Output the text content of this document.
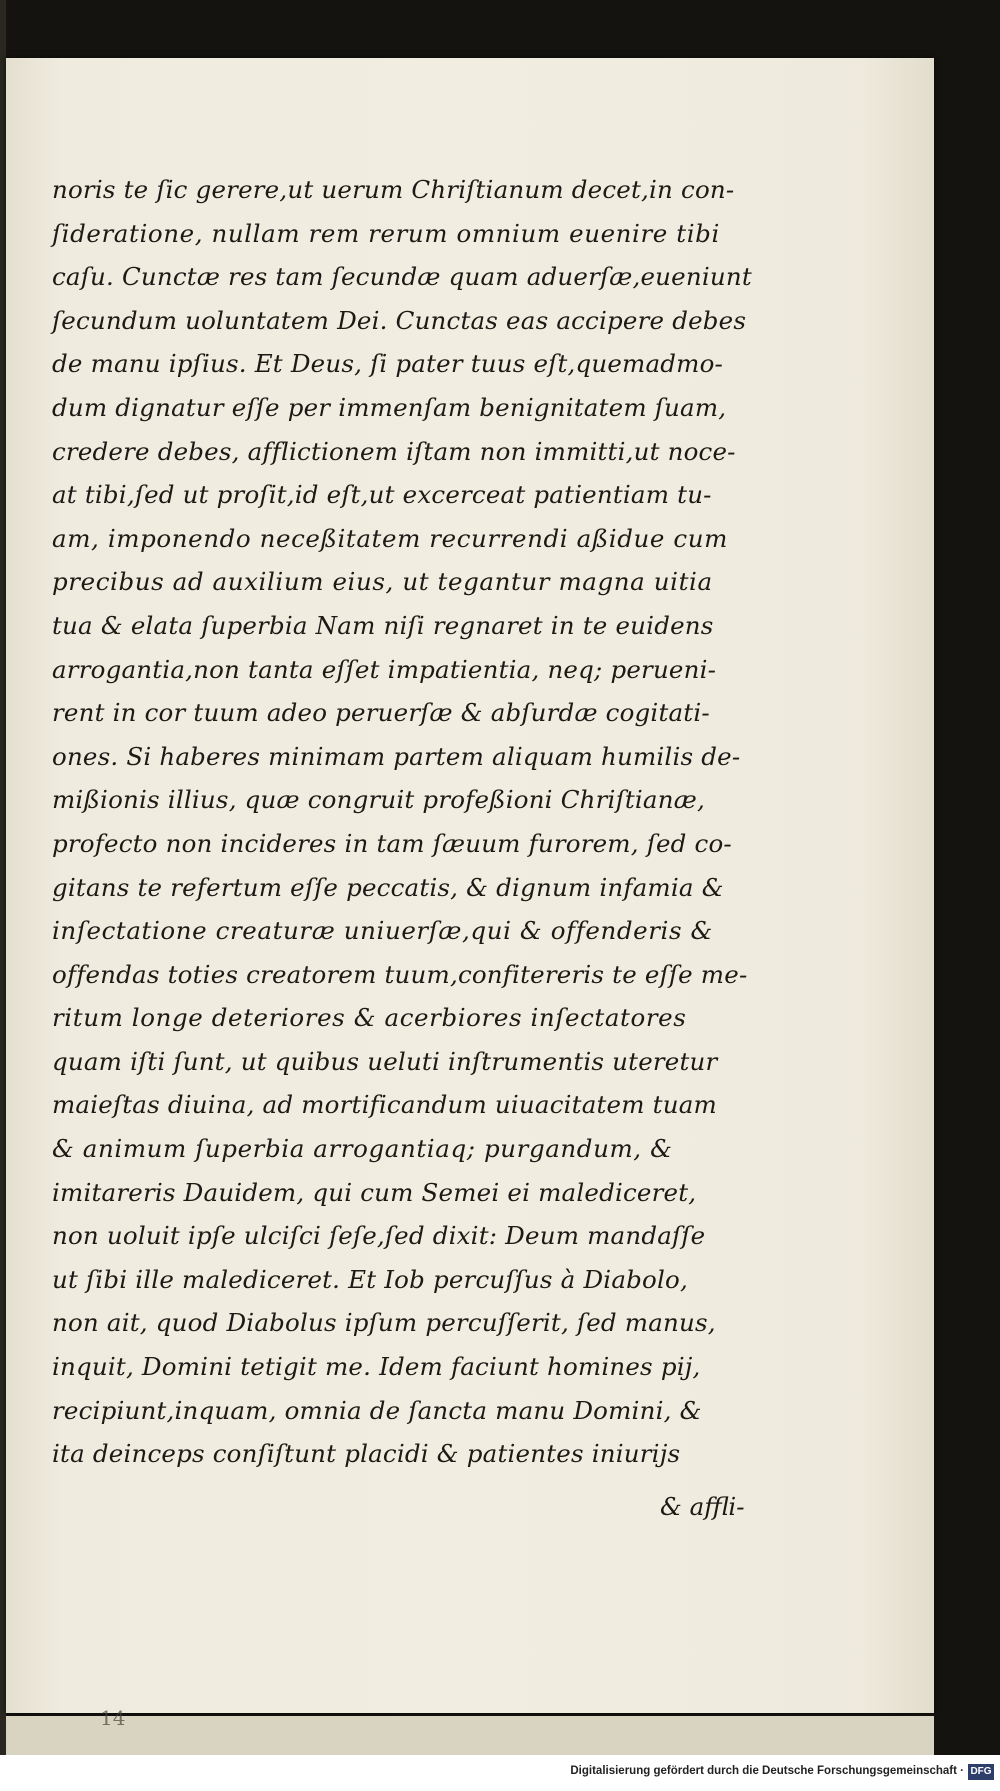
noris te ſic gerere,ut uerum Chriſtianum decet,in con-
ſideratione, nullam rem rerum omnium euenire tibi
caſu. Cunctæ res tam ſecundæ quam aduerſæ,eueniunt
ſecundum uoluntatem Dei. Cunctas eas accipere debes
de manu ipſius. Et Deus, ſi pater tuus eſt,quemadmo-
dum dignatur eſſe per immenſam benignitatem ſuam,
credere debes, afflictionem iſtam non immitti,ut noce-
at tibi,ſed ut proſit,id eſt,ut excerceat patientiam tu-
am, imponendo neceßitatem recurrendi aßidue cum
precibus ad auxilium eius, ut tegantur magna uitia
tua & elata ſuperbia Nam niſi regnaret in te euidens
arrogantia,non tanta eſſet impatientia, neq; perueni-
rent in cor tuum adeo peruerſæ & abſurdæ cogitati-
ones. Si haberes minimam partem aliquam humilis de-
mißionis illius, quæ congruit profeßioni Chriſtianæ,
profecto non incideres in tam ſæuum furorem, ſed co-
gitans te refertum eſſe peccatis, & dignum infamia &
inſectatione creaturæ uniuerſæ,qui & offenderis &
offendas toties creatorem tuum,confitereris te eſſe me-
ritum longe deteriores & acerbiores inſectatores
quam iſti ſunt, ut quibus ueluti inſtrumentis uteretur
maieſtas diuina, ad mortificandum uiuacitatem tuam
& animum ſuperbia arrogantiaq; purgandum, &
imitareris Dauidem, qui cum Semei ei malediceret,
non uoluit ipſe ulciſci ſeſe,ſed dixit: Deum mandaſſe
ut ſibi ille malediceret. Et Iob percuſſus à Diabolo,
non ait, quod Diabolus ipſum percuſſerit, ſed manus,
inquit, Domini tetigit me. Idem faciunt homines pij,
recipiunt,inquam, omnia de ſancta manu Domini, &
ita deinceps conſiſtunt placidi & patientes iniurijs
& affli-
14
Digitalisierung gefördert durch die Deutsche Forschungsgemeinschaft · DFG
